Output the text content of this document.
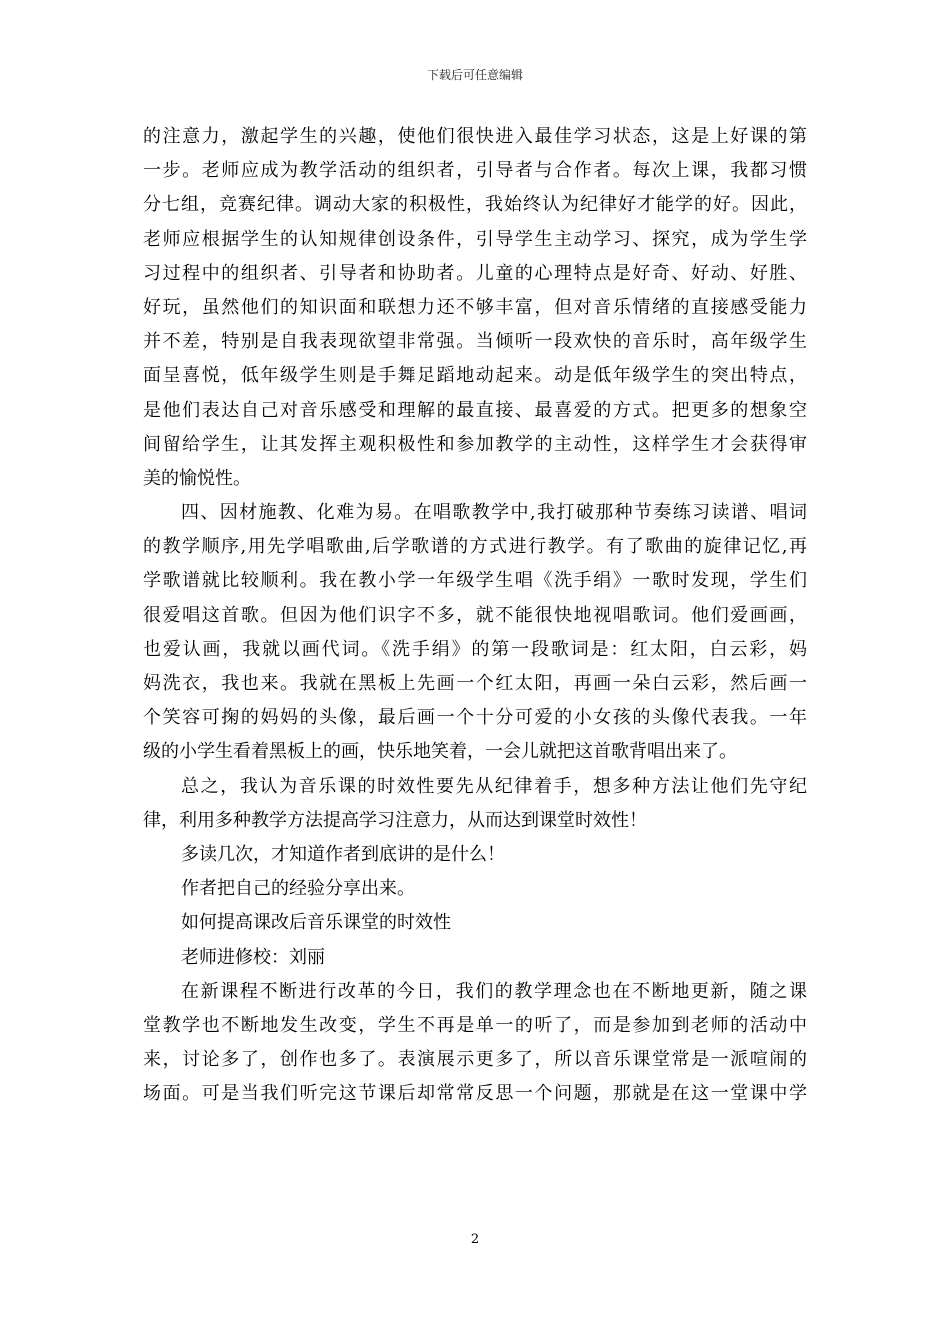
下载后可任意编辑
的注意力，激起学生的兴趣，使他们很快进入最佳学习状态，这是上好课的第
一步。老师应成为教学活动的组织者，引导者与合作者。每次上课，我都习惯
分七组，竞赛纪律。调动大家的积极性，我始终认为纪律好才能学的好。因此，
老师应根据学生的认知规律创设条件，引导学生主动学习、探究，成为学生学
习过程中的组织者、引导者和协助者。儿童的心理特点是好奇、好动、好胜、
好玩，虽然他们的知识面和联想力还不够丰富，但对音乐情绪的直接感受能力
并不差，特别是自我表现欲望非常强。当倾听一段欢快的音乐时，高年级学生
面呈喜悦，低年级学生则是手舞足蹈地动起来。动是低年级学生的突出特点，
是他们表达自己对音乐感受和理解的最直接、最喜爱的方式。把更多的想象空
间留给学生，让其发挥主观积极性和参加教学的主动性，这样学生才会获得审
美的愉悦性。
四、因材施教、化难为易。在唱歌教学中,我打破那种节奏练习读谱、唱词
的教学顺序,用先学唱歌曲,后学歌谱的方式进行教学。有了歌曲的旋律记忆,再
学歌谱就比较顺利。我在教小学一年级学生唱《洗手绢》一歌时发现，学生们
很爱唱这首歌。但因为他们识字不多，就不能很快地视唱歌词。他们爱画画，
也爱认画，我就以画代词。《洗手绢》的第一段歌词是：红太阳，白云彩，妈
妈洗衣，我也来。我就在黑板上先画一个红太阳，再画一朵白云彩，然后画一
个笑容可掬的妈妈的头像，最后画一个十分可爱的小女孩的头像代表我。一年
级的小学生看着黑板上的画，快乐地笑着，一会儿就把这首歌背唱出来了。
总之，我认为音乐课的时效性要先从纪律着手，想多种方法让他们先守纪
律，利用多种教学方法提高学习注意力，从而达到课堂时效性！
多读几次，才知道作者到底讲的是什么！
作者把自己的经验分享出来。
如何提高课改后音乐课堂的时效性
老师进修校：刘丽
在新课程不断进行改革的今日，我们的教学理念也在不断地更新，随之课
堂教学也不断地发生改变，学生不再是单一的听了，而是参加到老师的活动中
来，讨论多了，创作也多了。表演展示更多了，所以音乐课堂常是一派喧闹的
场面。可是当我们听完这节课后却常常反思一个问题，那就是在这一堂课中学
2
